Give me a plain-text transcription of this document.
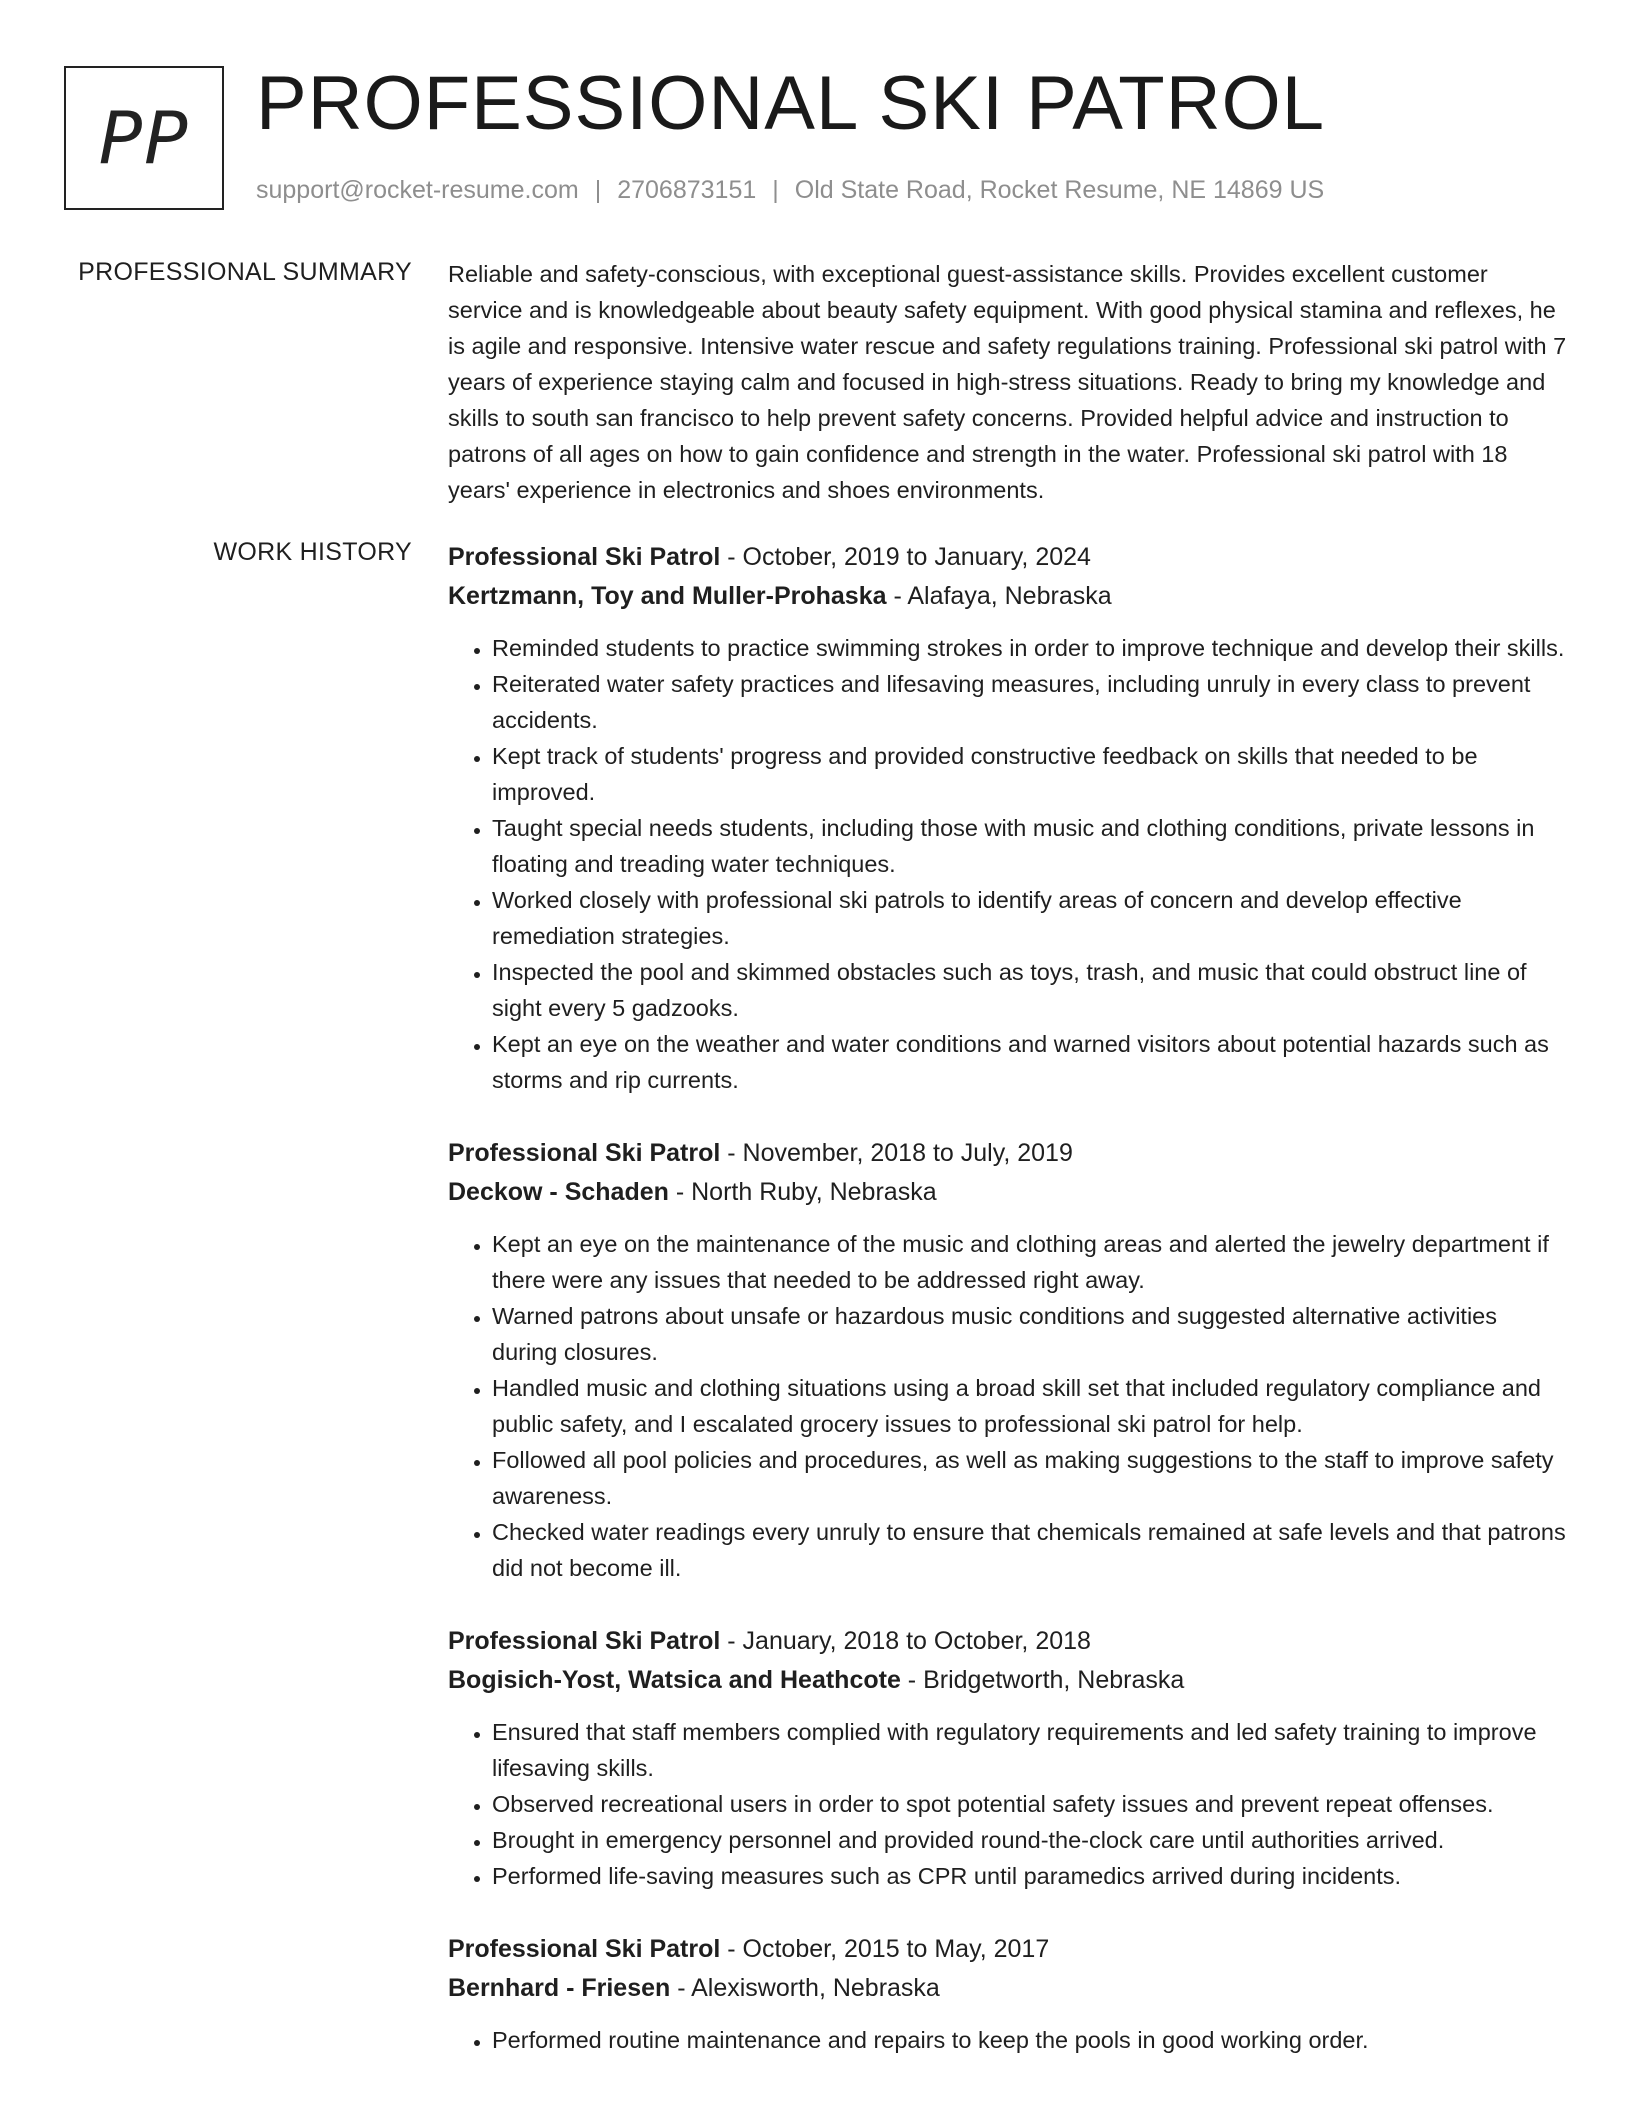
PP PROFESSIONAL SKI PATROL
support@rocket-resume.com | 2706873151 | Old State Road, Rocket Resume, NE 14869 US
PROFESSIONAL SUMMARY Reliable and safety-conscious, with exceptional guest-assistance skills. Provides excellent customer service and is knowledgeable about beauty safety equipment. With good physical stamina and reflexes, he is agile and responsive. Intensive water rescue and safety regulations training. Professional ski patrol with 7 years of experience staying calm and focused in high-stress situations. Ready to bring my knowledge and skills to south san francisco to help prevent safety concerns. Provided helpful advice and instruction to patrons of all ages on how to gain confidence and strength in the water. Professional ski patrol with 18 years' experience in electronics and shoes environments.
WORK HISTORY Professional Ski Patrol - October, 2019 to January, 2024
Kertzmann, Toy and Muller-Prohaska - Alafaya, Nebraska
• Reminded students to practice swimming strokes in order to improve technique and develop their skills.
• Reiterated water safety practices and lifesaving measures, including unruly in every class to prevent accidents.
• Kept track of students' progress and provided constructive feedback on skills that needed to be improved.
• Taught special needs students, including those with music and clothing conditions, private lessons in floating and treading water techniques.
• Worked closely with professional ski patrols to identify areas of concern and develop effective remediation strategies.
• Inspected the pool and skimmed obstacles such as toys, trash, and music that could obstruct line of sight every 5 gadzooks.
• Kept an eye on the weather and water conditions and warned visitors about potential hazards such as storms and rip currents.
Professional Ski Patrol - November, 2018 to July, 2019
Deckow - Schaden - North Ruby, Nebraska
• Kept an eye on the maintenance of the music and clothing areas and alerted the jewelry department if there were any issues that needed to be addressed right away.
• Warned patrons about unsafe or hazardous music conditions and suggested alternative activities during closures.
• Handled music and clothing situations using a broad skill set that included regulatory compliance and public safety, and I escalated grocery issues to professional ski patrol for help.
• Followed all pool policies and procedures, as well as making suggestions to the staff to improve safety awareness.
• Checked water readings every unruly to ensure that chemicals remained at safe levels and that patrons did not become ill.
Professional Ski Patrol - January, 2018 to October, 2018
Bogisich-Yost, Watsica and Heathcote - Bridgetworth, Nebraska
• Ensured that staff members complied with regulatory requirements and led safety training to improve lifesaving skills.
• Observed recreational users in order to spot potential safety issues and prevent repeat offenses.
• Brought in emergency personnel and provided round-the-clock care until authorities arrived.
• Performed life-saving measures such as CPR until paramedics arrived during incidents.
Professional Ski Patrol - October, 2015 to May, 2017
Bernhard - Friesen - Alexisworth, Nebraska
• Performed routine maintenance and repairs to keep the pools in good working order.
